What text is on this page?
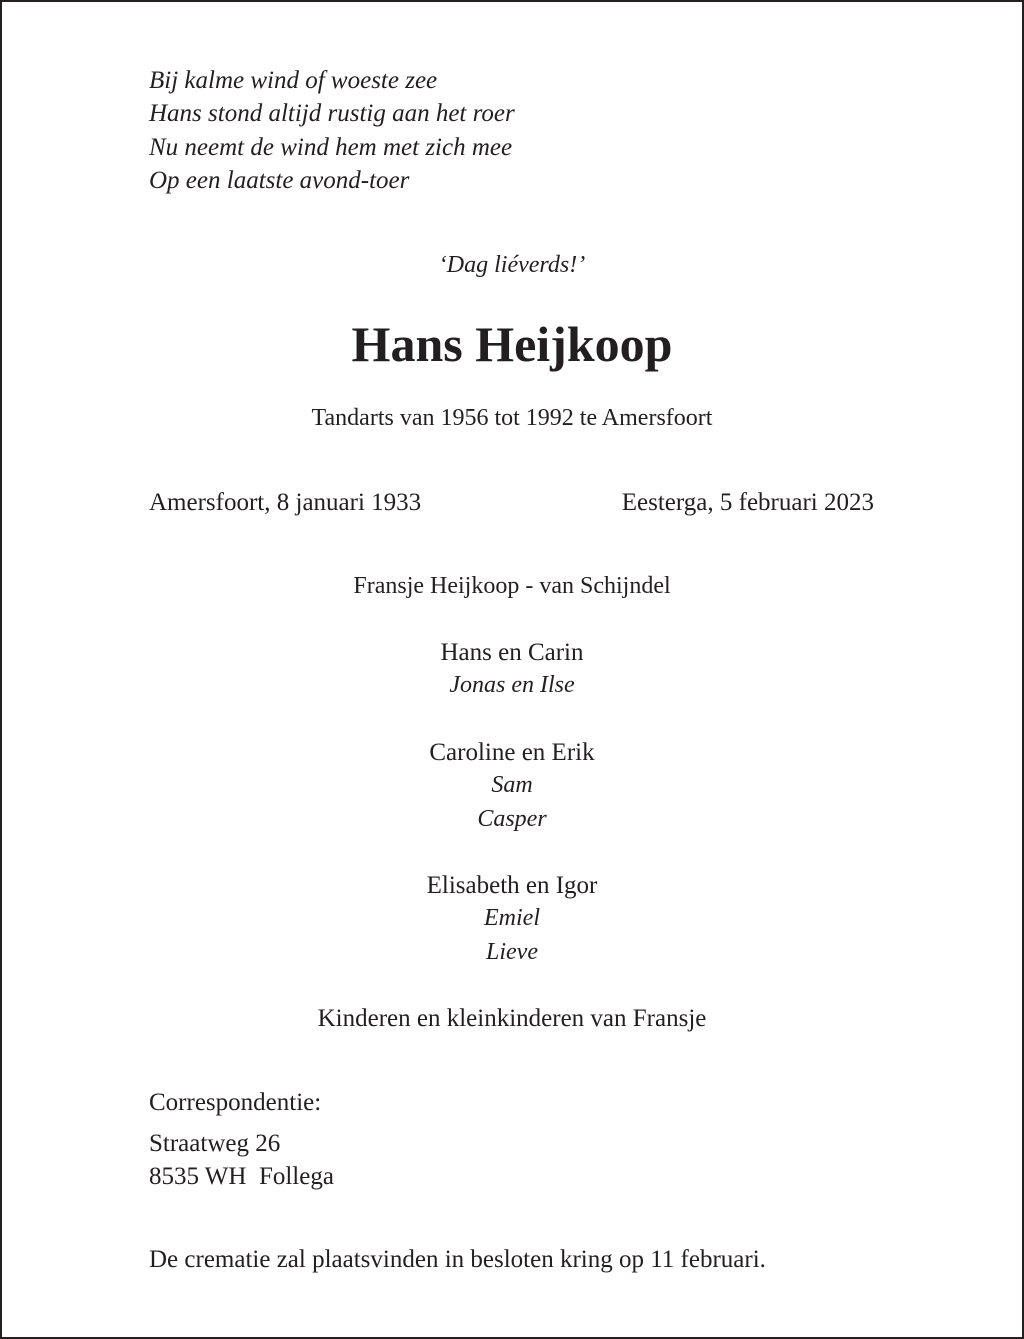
Bij kalme wind of woeste zee
Hans stond altijd rustig aan het roer
Nu neemt de wind hem met zich mee
Op een laatste avond-toer
‘Dag liéverds!’
Hans Heijkoop
Tandarts van 1956 tot 1992 te Amersfoort
Amersfoort, 8 januari 1933	Eesterga, 5 februari 2023
Fransje Heijkoop - van Schijndel
Hans en Carin
Jonas en Ilse
Caroline en Erik
Sam
Casper
Elisabeth en Igor
Emiel
Lieve
Kinderen en kleinkinderen van Fransje
Correspondentie:
Straatweg 26
8535 WH  Follega
De crematie zal plaatsvinden in besloten kring op 11 februari.
